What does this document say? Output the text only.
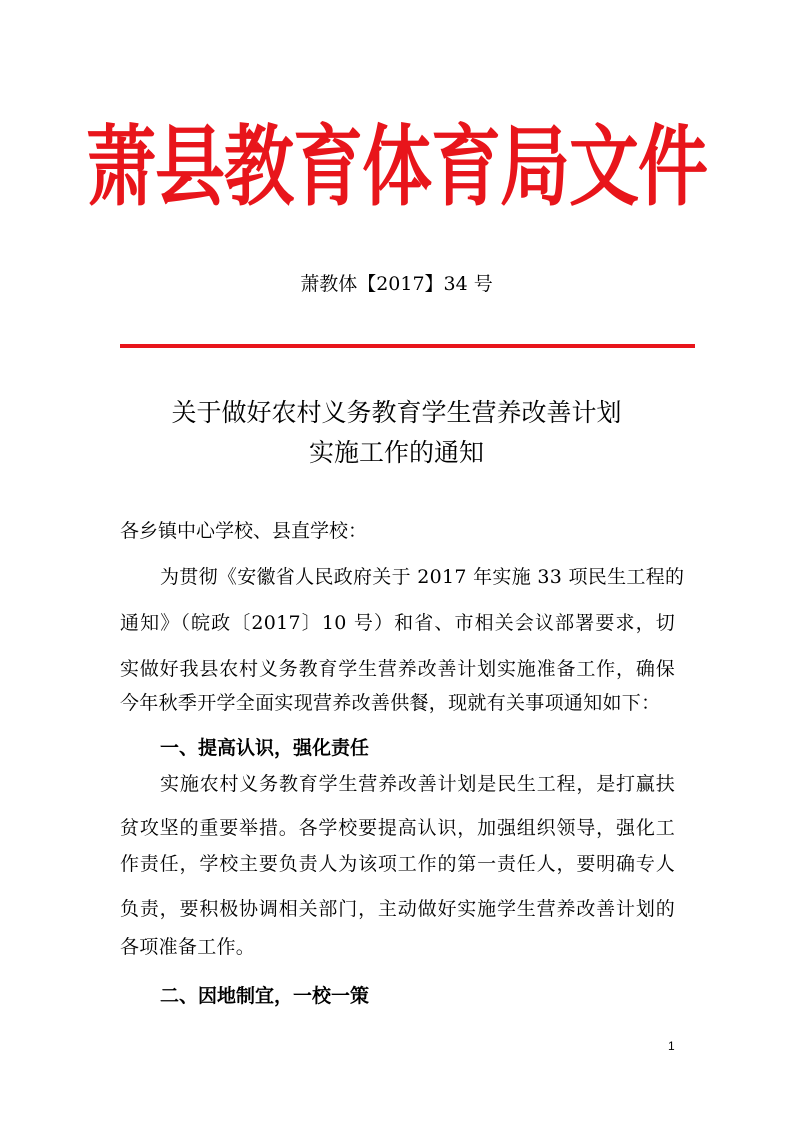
萧县教育体育局文件
萧教体【2017】34 号
关于做好农村义务教育学生营养改善计划
实施工作的通知
各乡镇中心学校、县直学校：
为贯彻《安徽省人民政府关于 2017 年实施 33 项民生工程的
通知》（皖政〔2017〕10 号）和省、市相关会议部署要求，切
实做好我县农村义务教育学生营养改善计划实施准备工作，确保
今年秋季开学全面实现营养改善供餐，现就有关事项通知如下：
一、提高认识，强化责任
实施农村义务教育学生营养改善计划是民生工程，是打赢扶
贫攻坚的重要举措。各学校要提高认识，加强组织领导，强化工
作责任，学校主要负责人为该项工作的第一责任人，要明确专人
负责，要积极协调相关部门，主动做好实施学生营养改善计划的
各项准备工作。
二、因地制宜，一校一策
1
